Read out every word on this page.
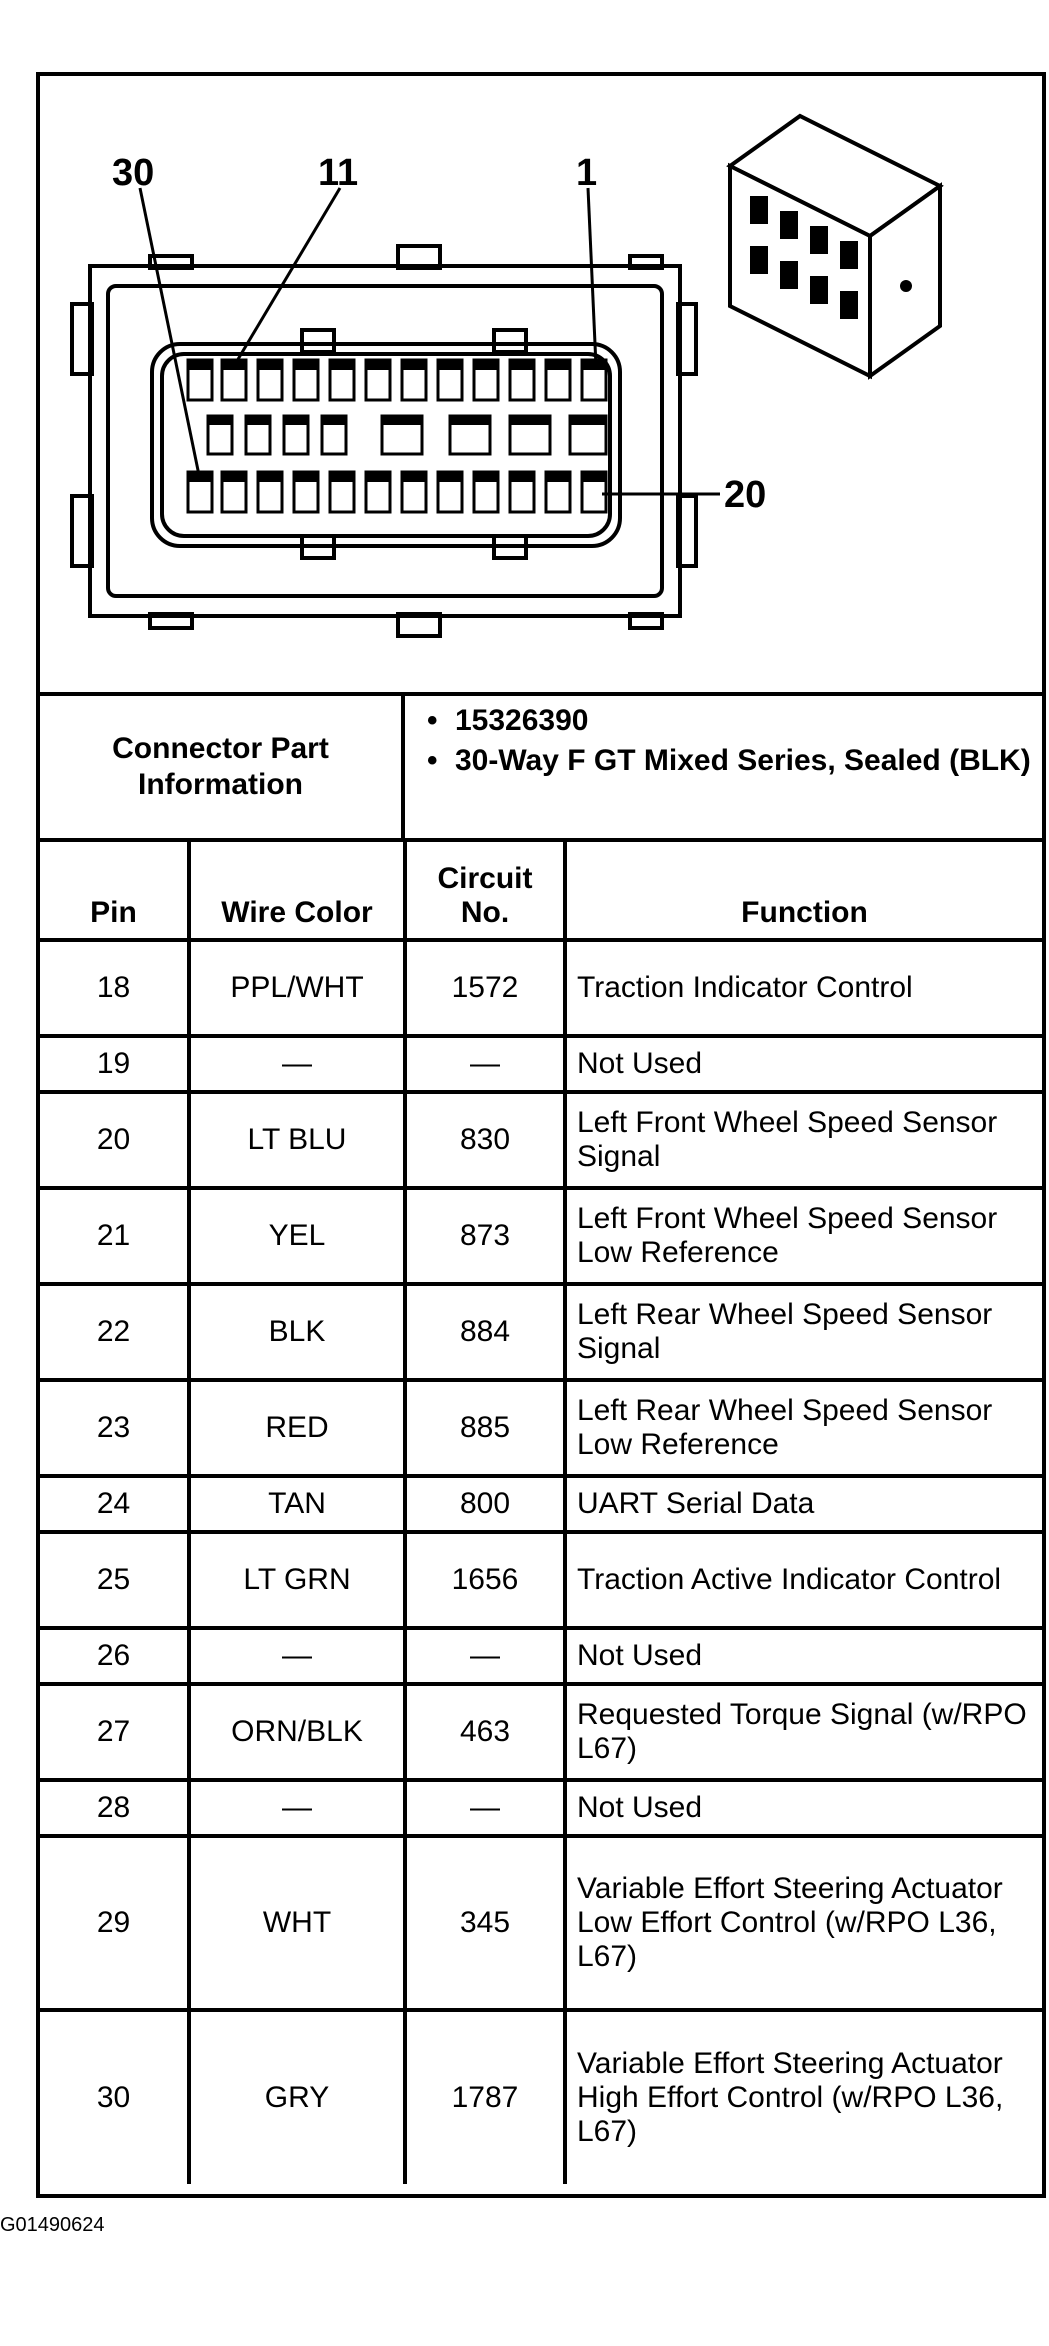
30	11	1
20
Connector Part Information
• 15326390
• 30-Way F GT Mixed Series, Sealed (BLK)
Pin	Wire Color	Circuit No.	Function
18	PPL/WHT	1572	Traction Indicator Control
19	—	—	Not Used
20	LT BLU	830	Left Front Wheel Speed Sensor Signal
21	YEL	873	Left Front Wheel Speed Sensor Low Reference
22	BLK	884	Left Rear Wheel Speed Sensor Signal
23	RED	885	Left Rear Wheel Speed Sensor Low Reference
24	TAN	800	UART Serial Data
25	LT GRN	1656	Traction Active Indicator Control
26	—	—	Not Used
27	ORN/BLK	463	Requested Torque Signal (w/RPO L67)
28	—	—	Not Used
29	WHT	345	Variable Effort Steering Actuator Low Effort Control (w/RPO L36, L67)
30	GRY	1787	Variable Effort Steering Actuator High Effort Control (w/RPO L36, L67)
G01490624
